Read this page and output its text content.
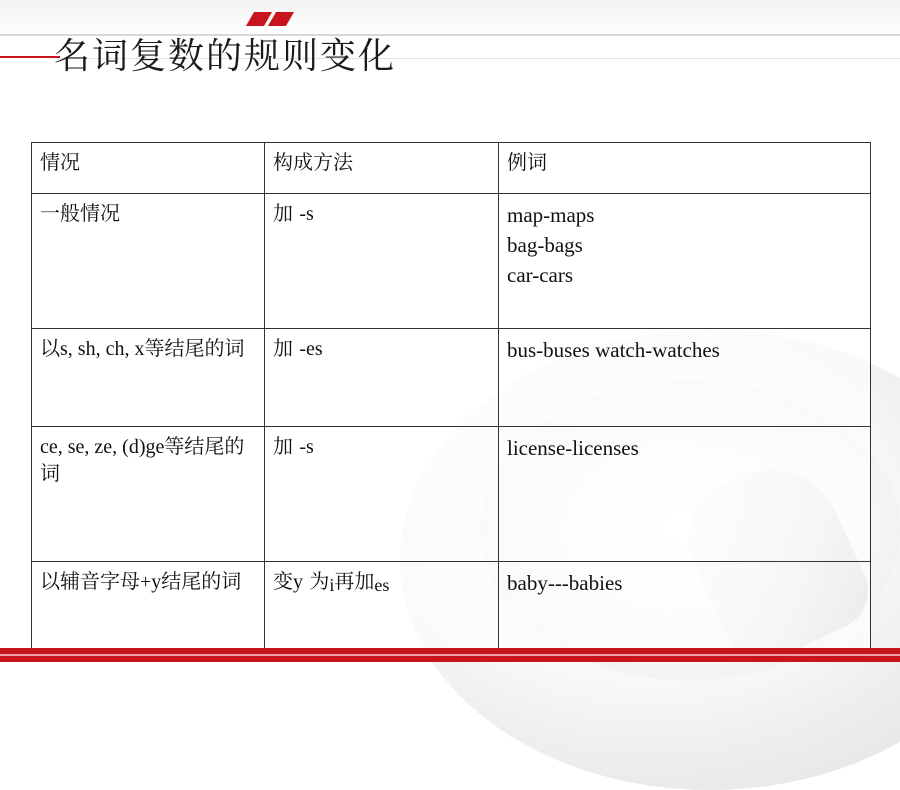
名词复数的规则变化
情况	构成方法	例词
一般情况	加 -s	map-maps
bag-bags
car-cars

以s, sh, ch, x等结尾的词	加 -es	bus-buses watch-watches

ce, se, ze, (d)ge等结尾的词	加 -s	license-licenses

以辅音字母+y结尾的词	变y 为i再加es	baby---babies
